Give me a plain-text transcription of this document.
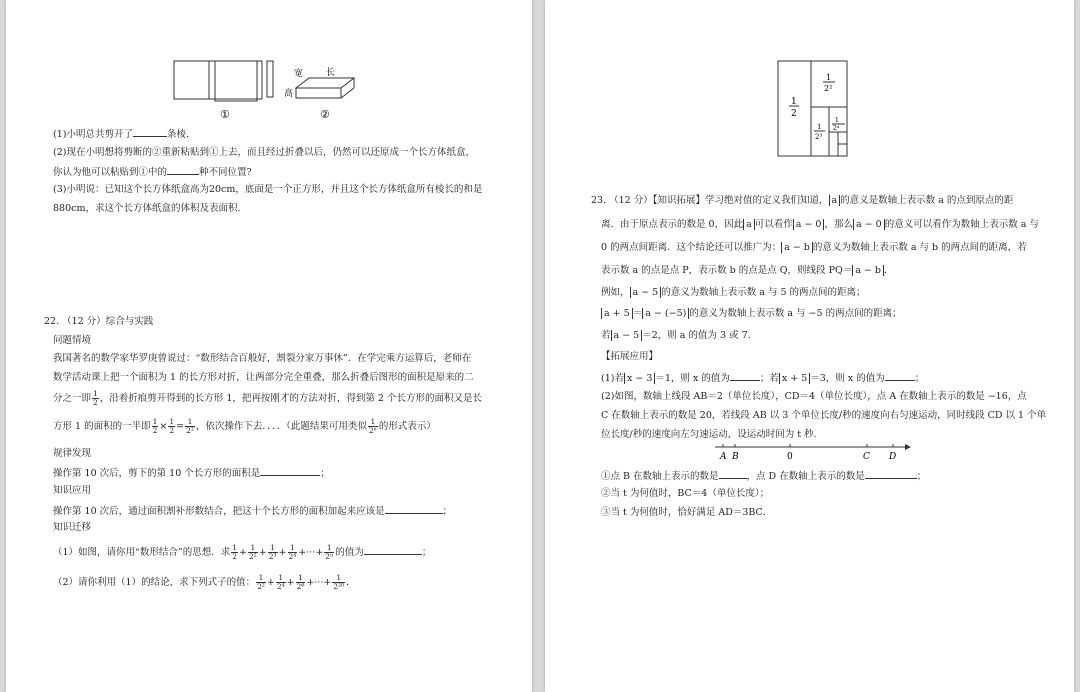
宽	长
高
①	②
(1)小明总共剪开了	条棱.
(2)现在小明想将剪断的②重新粘贴到①上去，而且经过折叠以后，仍然可以还原成一个长方体纸盒，
你认为他可以粘贴到①中的	种不同位置?
(3)小明说：已知这个长方体纸盒高为20cm，底面是一个正方形，并且这个长方体纸盒所有棱长的和是
880cm，求这个长方体纸盒的体积及表面积.
22. （12 分）综合与实践
问题情境
我国著名的数学家华罗庚曾说过：“数形结合百般好，割裂分家万事休”．在学完乘方运算后，老师在
数学活动课上把一个面积为 1 的长方形对折，让两部分完全重叠，那么折叠后图形的面积是原来的二
分之一即 $\frac{1}{2}$ ，沿着折痕剪开得到的长方形 1，把再按刚才的方法对折，得到第 2 个长方形的面积又是长
方形 1 的面积的一半即 $\frac{1}{2} \times \frac{1}{2} = \frac{1}{\text{2²}}$ ，依次操作下去．．．．（此题结果可用类似 $\frac{1}{\text{2ⁿ}}$ 的形式表示）
规律发现
操作第 10 次后，剪下的第 10 个长方形的面积是	；
知识应用
操作第 10 次后，通过面积割补形数结合，把这十个长方形的面积加起来应该是	；
知识迁移
（1）如图，请你用“数形结合”的思想．求 $\frac{1}{2} + \frac{1}{\text{2²}} + \frac{1}{\text{2³}} + \frac{1}{\text{2⁴}}$ +···+ $\frac{1}{\text{2ⁿ}}$ 的值为	；
（2）请你利用（1）的结论，求下列式子的值： $\frac{1}{\text{2²}} + \frac{1}{\text{2⁴}} + \frac{1}{\text{2⁶}}$ +···+ $\frac{1}{\text{2²⁰}}$ ．
1
2
1
2²
1
2³
1
2⁴
23. （12 分）【知识拓展】学习绝对值的定义我们知道， a 的意义是数轴上表示数 a 的点到原点的距
离．由于原点表示的数是 0，因此 a 可以看作 a − 0 ，那么 a − 0 的意义可以看作为数轴上表示数 a 与
0 的两点间距离．这个结论还可以推广为： a − b 的意义为数轴上表示数 a 与 b 的两点间的距离，若
表示数 a 的点是点 P，表示数 b 的点是点 Q，则线段 PQ＝ a − b ．
例如， a − 5 的意义为数轴上表示数 a 与 5 的两点间的距离；
a + 5 ＝ a − (−5) 的意义为数轴上表示数 a 与 −5 的两点间的距离；
若 a − 5 ＝2，则 a 的值为 3 或 7.
【拓展应用】
(1)若 x − 3 ＝1，则 x 的值为	；若 x + 5 ＝3，则 x 的值为	；
(2)如图，数轴上线段 AB＝2（单位长度），CD＝4（单位长度），点 A 在数轴上表示的数是 −16，点
C 在数轴上表示的数是 20，若线段 AB 以 3 个单位长度/秒的速度向右匀速运动，同时线段 CD 以 1 个单
位长度/秒的速度向左匀速运动，设运动时间为 t 秒.
A B	0	C D
①点 B 在数轴上表示的数是	，点 D 在数轴上表示的数是	；
②当 t 为何值时，BC＝4（单位长度）；
③当 t 为何值时，恰好满足 AD＝3BC．
